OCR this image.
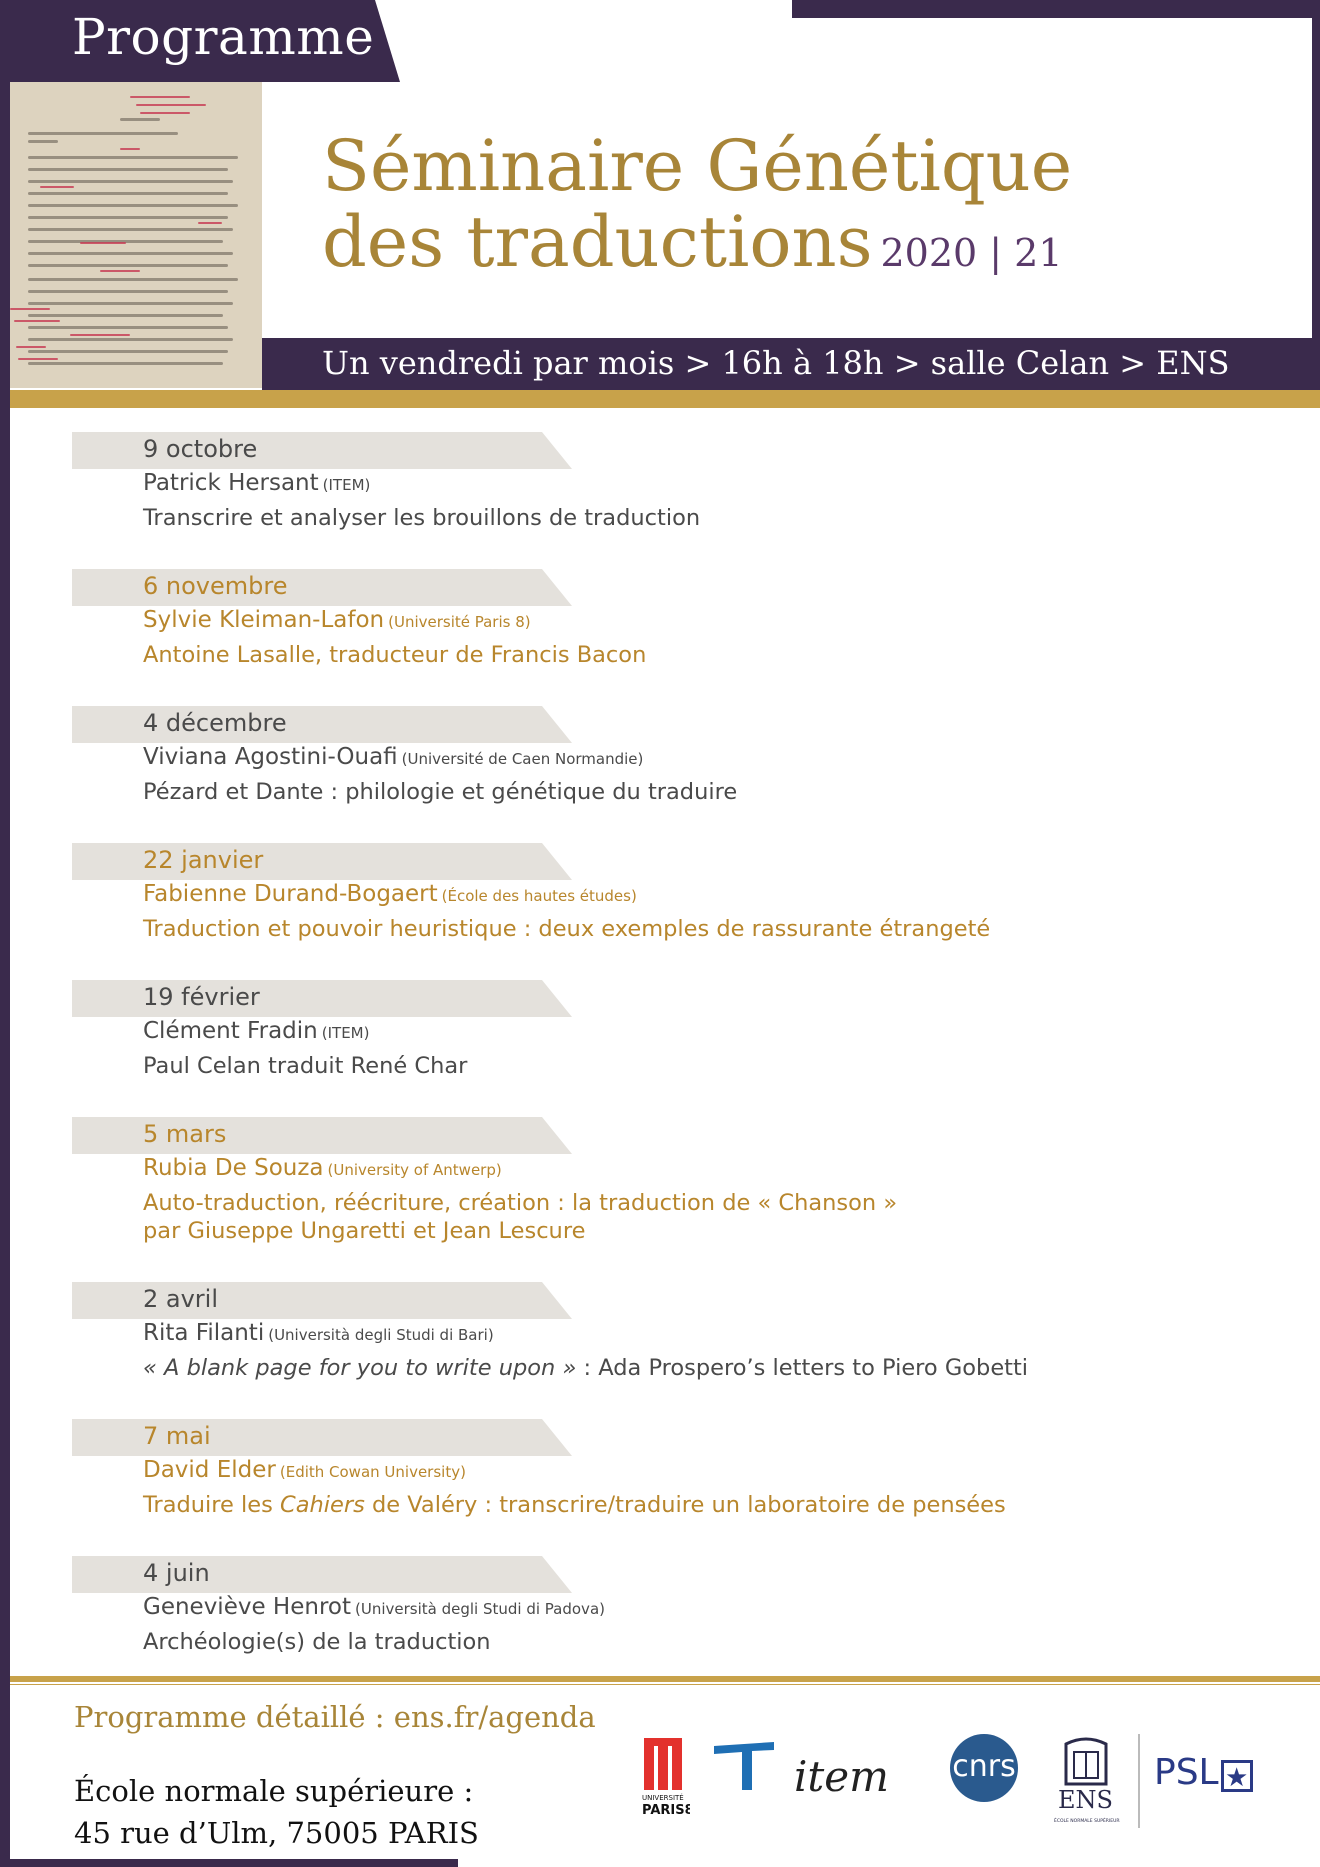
Programme
Séminaire Génétique
des traductions 2020 | 21
Un vendredi par mois > 16h à 18h > salle Celan > ENS
9 octobre
Patrick Hersant (ITEM)
Transcrire et analyser les brouillons de traduction
6 novembre
Sylvie Kleiman-Lafon (Université Paris 8)
Antoine Lasalle, traducteur de Francis Bacon
4 décembre
Viviana Agostini-Ouafi (Université de Caen Normandie)
Pézard et Dante : philologie et génétique du traduire
22 janvier
Fabienne Durand-Bogaert (École des hautes études)
Traduction et pouvoir heuristique : deux exemples de rassurante étrangeté
19 février
Clément Fradin (ITEM)
Paul Celan traduit René Char
5 mars
Rubia De Souza (University of Antwerp)
Auto-traduction, réécriture, création : la traduction de « Chanson »
par Giuseppe Ungaretti et Jean Lescure
2 avril
Rita Filanti (Università degli Studi di Bari)
« A blank page for you to write upon » : Ada Prospero’s letters to Piero Gobetti
7 mai
David Elder (Edith Cowan University)
Traduire les Cahiers de Valéry : transcrire/traduire un laboratoire de pensées
4 juin
Geneviève Henrot (Università degli Studi di Padova)
Archéologie(s) de la traduction
Programme détaillé : ens.fr/agenda
École normale supérieure :
45 rue d’Ulm, 75005 PARIS
UNIVERSITÉ
PARIS8
item	cnrs
ENS
ÉCOLE NORMALE SUPÉRIEURE
PSL ★
